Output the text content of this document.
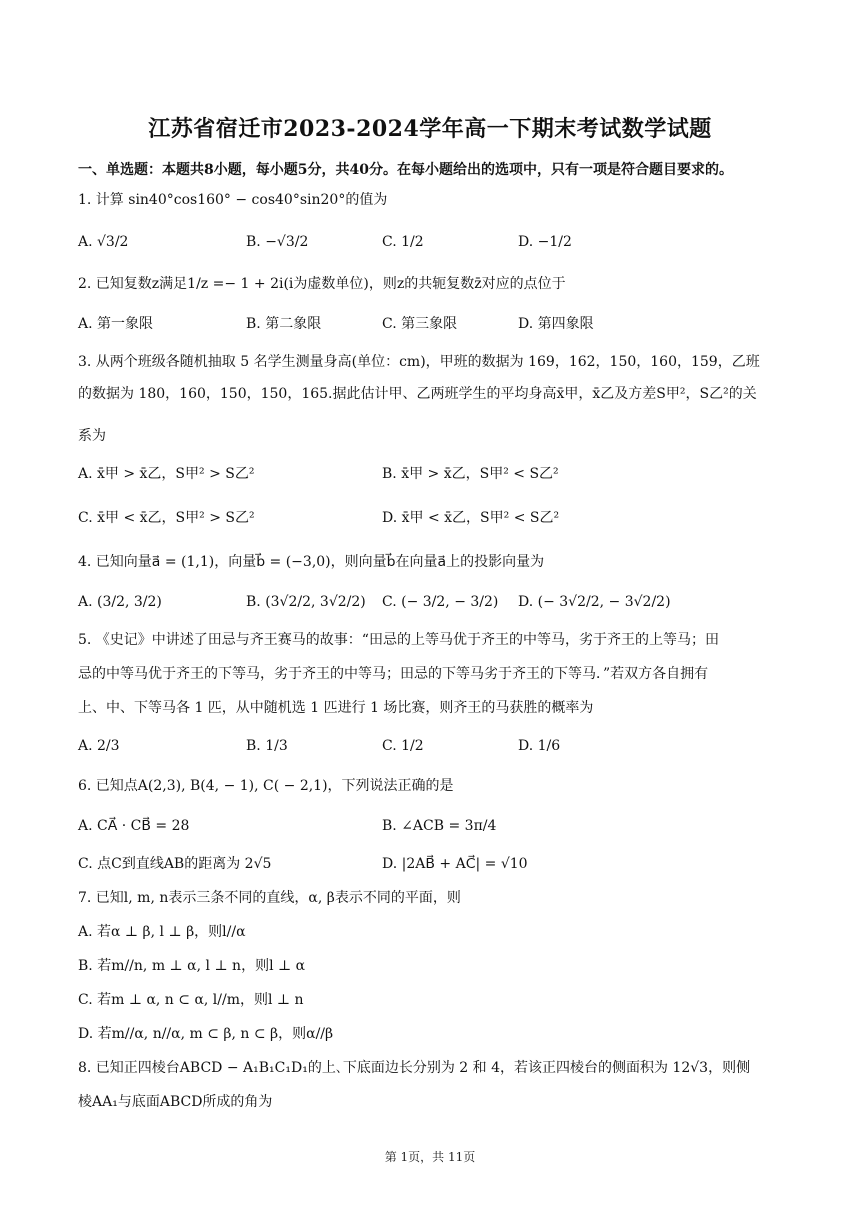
江苏省宿迁市2023-2024学年高一下期末考试数学试题
一、单选题：本题共8小题，每小题5分，共40分。在每小题给出的选项中，只有一项是符合题目要求的。
1. 计算 sin40°cos160° − cos40°sin20°的值为
A. √3/2	B. −√3/2	C. 1/2	D. −1/2
2. 已知复数z满足1/z =− 1 + 2i(i为虚数单位)，则z的共轭复数z̄对应的点位于
A. 第一象限	B. 第二象限	C. 第三象限	D. 第四象限
3. 从两个班级各随机抽取 5 名学生测量身高(单位：cm)，甲班的数据为 169，162，150，160，159，乙班
的数据为 180，160，150，150，165.据此估计甲、乙两班学生的平均身高x̄甲，x̄乙及方差S甲²，S乙²的关
系为
A. x̄甲 > x̄乙，S甲² > S乙²	B. x̄甲 > x̄乙，S甲² < S乙²
C. x̄甲 < x̄乙，S甲² > S乙²	D. x̄甲 < x̄乙，S甲² < S乙²
4. 已知向量a⃗ = (1,1)，向量b⃗ = (−3,0)，则向量b⃗在向量a⃗上的投影向量为
A. (3/2, 3/2)	B. (3√2/2, 3√2/2) C. (− 3/2, − 3/2) D. (− 3√2/2, − 3√2/2)
5. 《史记》中讲述了田忌与齐王赛马的故事：“田忌的上等马优于齐王的中等马，劣于齐王的上等马；田
忌的中等马优于齐王的下等马，劣于齐王的中等马；田忌的下等马劣于齐王的下等马．”若双方各自拥有
上、中、下等马各 1 匹，从中随机选 1 匹进行 1 场比赛，则齐王的马获胜的概率为
A. 2/3	B. 1/3	C. 1/2	D. 1/6
6. 已知点A(2,3), B(4, − 1), C( − 2,1)，下列说法正确的是
A. CA⃗ · CB⃗ = 28	B. ∠ACB = 3π/4
C. 点C到直线AB的距离为 2√5	D. |2AB⃗ + AC⃗| = √10
7. 已知l, m, n表示三条不同的直线，α, β表示不同的平面，则
A. 若α ⊥ β, l ⊥ β，则l//α
B. 若m//n, m ⊥ α, l ⊥ n，则l ⊥ α
C. 若m ⊥ α, n ⊂ α, l//m，则l ⊥ n
D. 若m//α, n//α, m ⊂ β, n ⊂ β，则α//β
8. 已知正四棱台ABCD − A₁B₁C₁D₁的上､下底面边长分别为 2 和 4，若该正四棱台的侧面积为 12√3，则侧
棱AA₁与底面ABCD所成的角为
第 1页，共 11页
